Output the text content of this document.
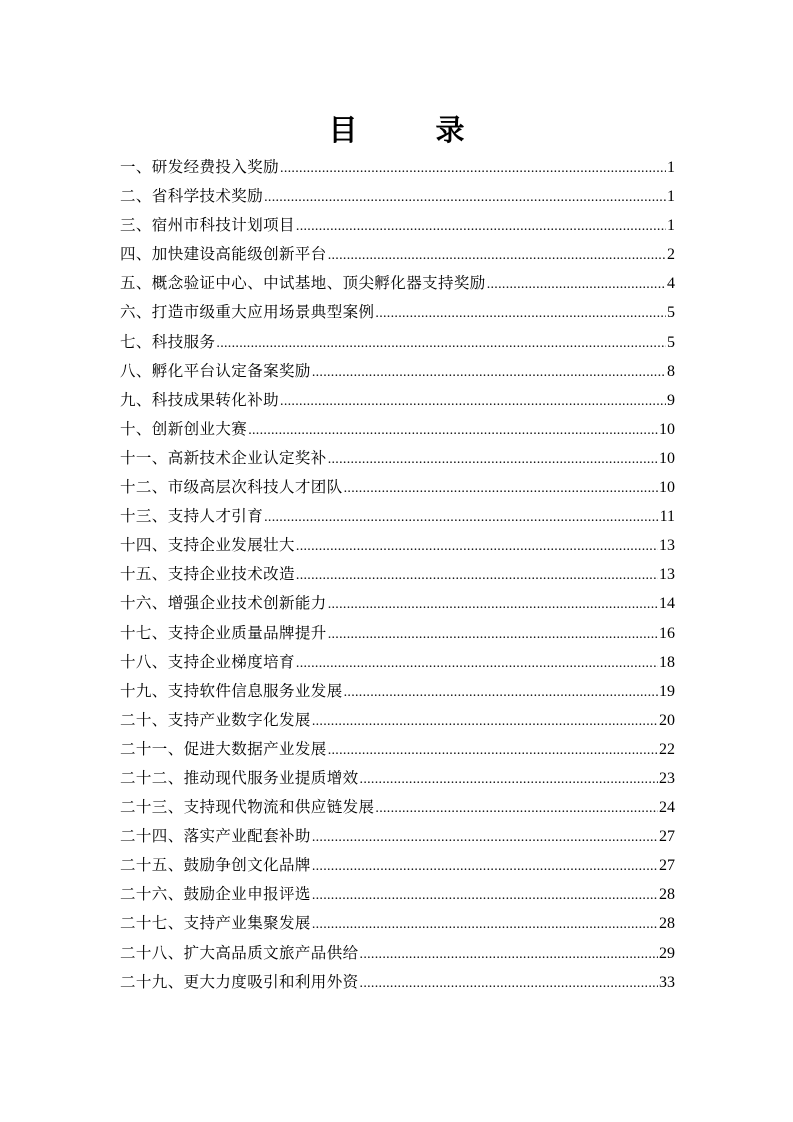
目 录
一、研发经费投入奖励 .....	1
二、省科学技术奖励 .....	1
三、宿州市科技计划项目 .....	1
四、加快建设高能级创新平台 .....	2
五、概念验证中心、中试基地、顶尖孵化器支持奖励 .....	4
六、打造市级重大应用场景典型案例 .....	5
七、科技服务 .....	5
八、孵化平台认定备案奖励 .....	8
九、科技成果转化补助 .....	9
十、创新创业大赛 .....	10
十一、高新技术企业认定奖补 .....	10
十二、市级高层次科技人才团队 .....	10
十三、支持人才引育 .....	11
十四、支持企业发展壮大 .....	13
十五、支持企业技术改造 .....	13
十六、增强企业技术创新能力 .....	14
十七、支持企业质量品牌提升 .....	16
十八、支持企业梯度培育 .....	18
十九、支持软件信息服务业发展 .....	19
二十、支持产业数字化发展 .....	20
二十一、促进大数据产业发展 .....	22
二十二、推动现代服务业提质增效 .....	23
二十三、支持现代物流和供应链发展 .....	24
二十四、落实产业配套补助 .....	27
二十五、鼓励争创文化品牌 .....	27
二十六、鼓励企业申报评选 .....	28
二十七、支持产业集聚发展 .....	28
二十八、扩大高品质文旅产品供给 .....	29
二十九、更大力度吸引和利用外资 .....	33
